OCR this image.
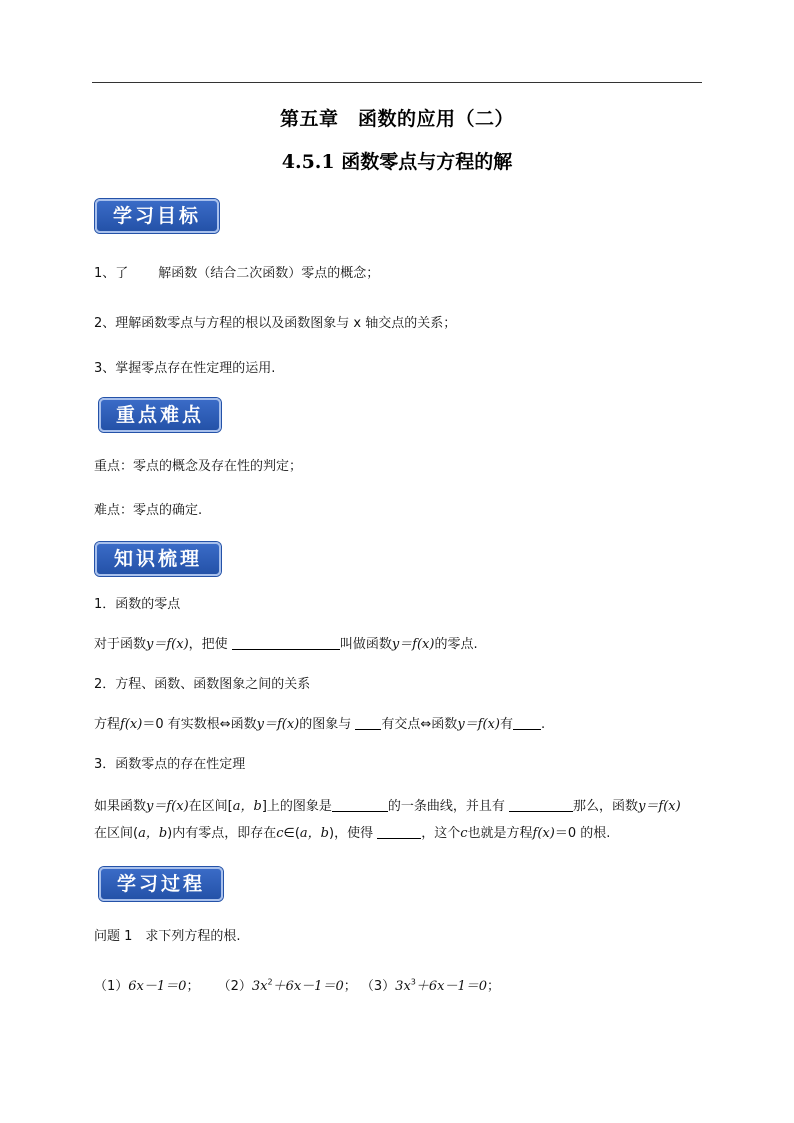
第五章　函数的应用（二）
4.5.1 函数零点与方程的解
学习目标
1、了 解函数（结合二次函数）零点的概念；
2、理解函数零点与方程的根以及函数图象与 x 轴交点的关系；
3、掌握零点存在性定理的运用.
重点难点
重点：零点的概念及存在性的判定；
难点：零点的确定.
知识梳理
1．函数的零点
对于函数y＝f(x)，把使	叫做函数y＝f(x)的零点.
2．方程、函数、函数图象之间的关系
方程f(x)＝0 有实数根⇔函数y＝f(x)的图象与 有交点⇔函数y＝f(x)有 .
3．函数零点的存在性定理
如果函数y＝f(x)在区间[a，b]上的图象是	的一条曲线，并且有	那么，函数y＝f(x)
在区间(a，b)内有零点，即存在c∈(a，b)，使得	，这个c也就是方程f(x)＝0 的根.
学习过程
问题 1　求下列方程的根.
（1）6x－1＝0； $(2)3x^2+6x-1=0$； $(3)3x^3+6x-1=0$；
